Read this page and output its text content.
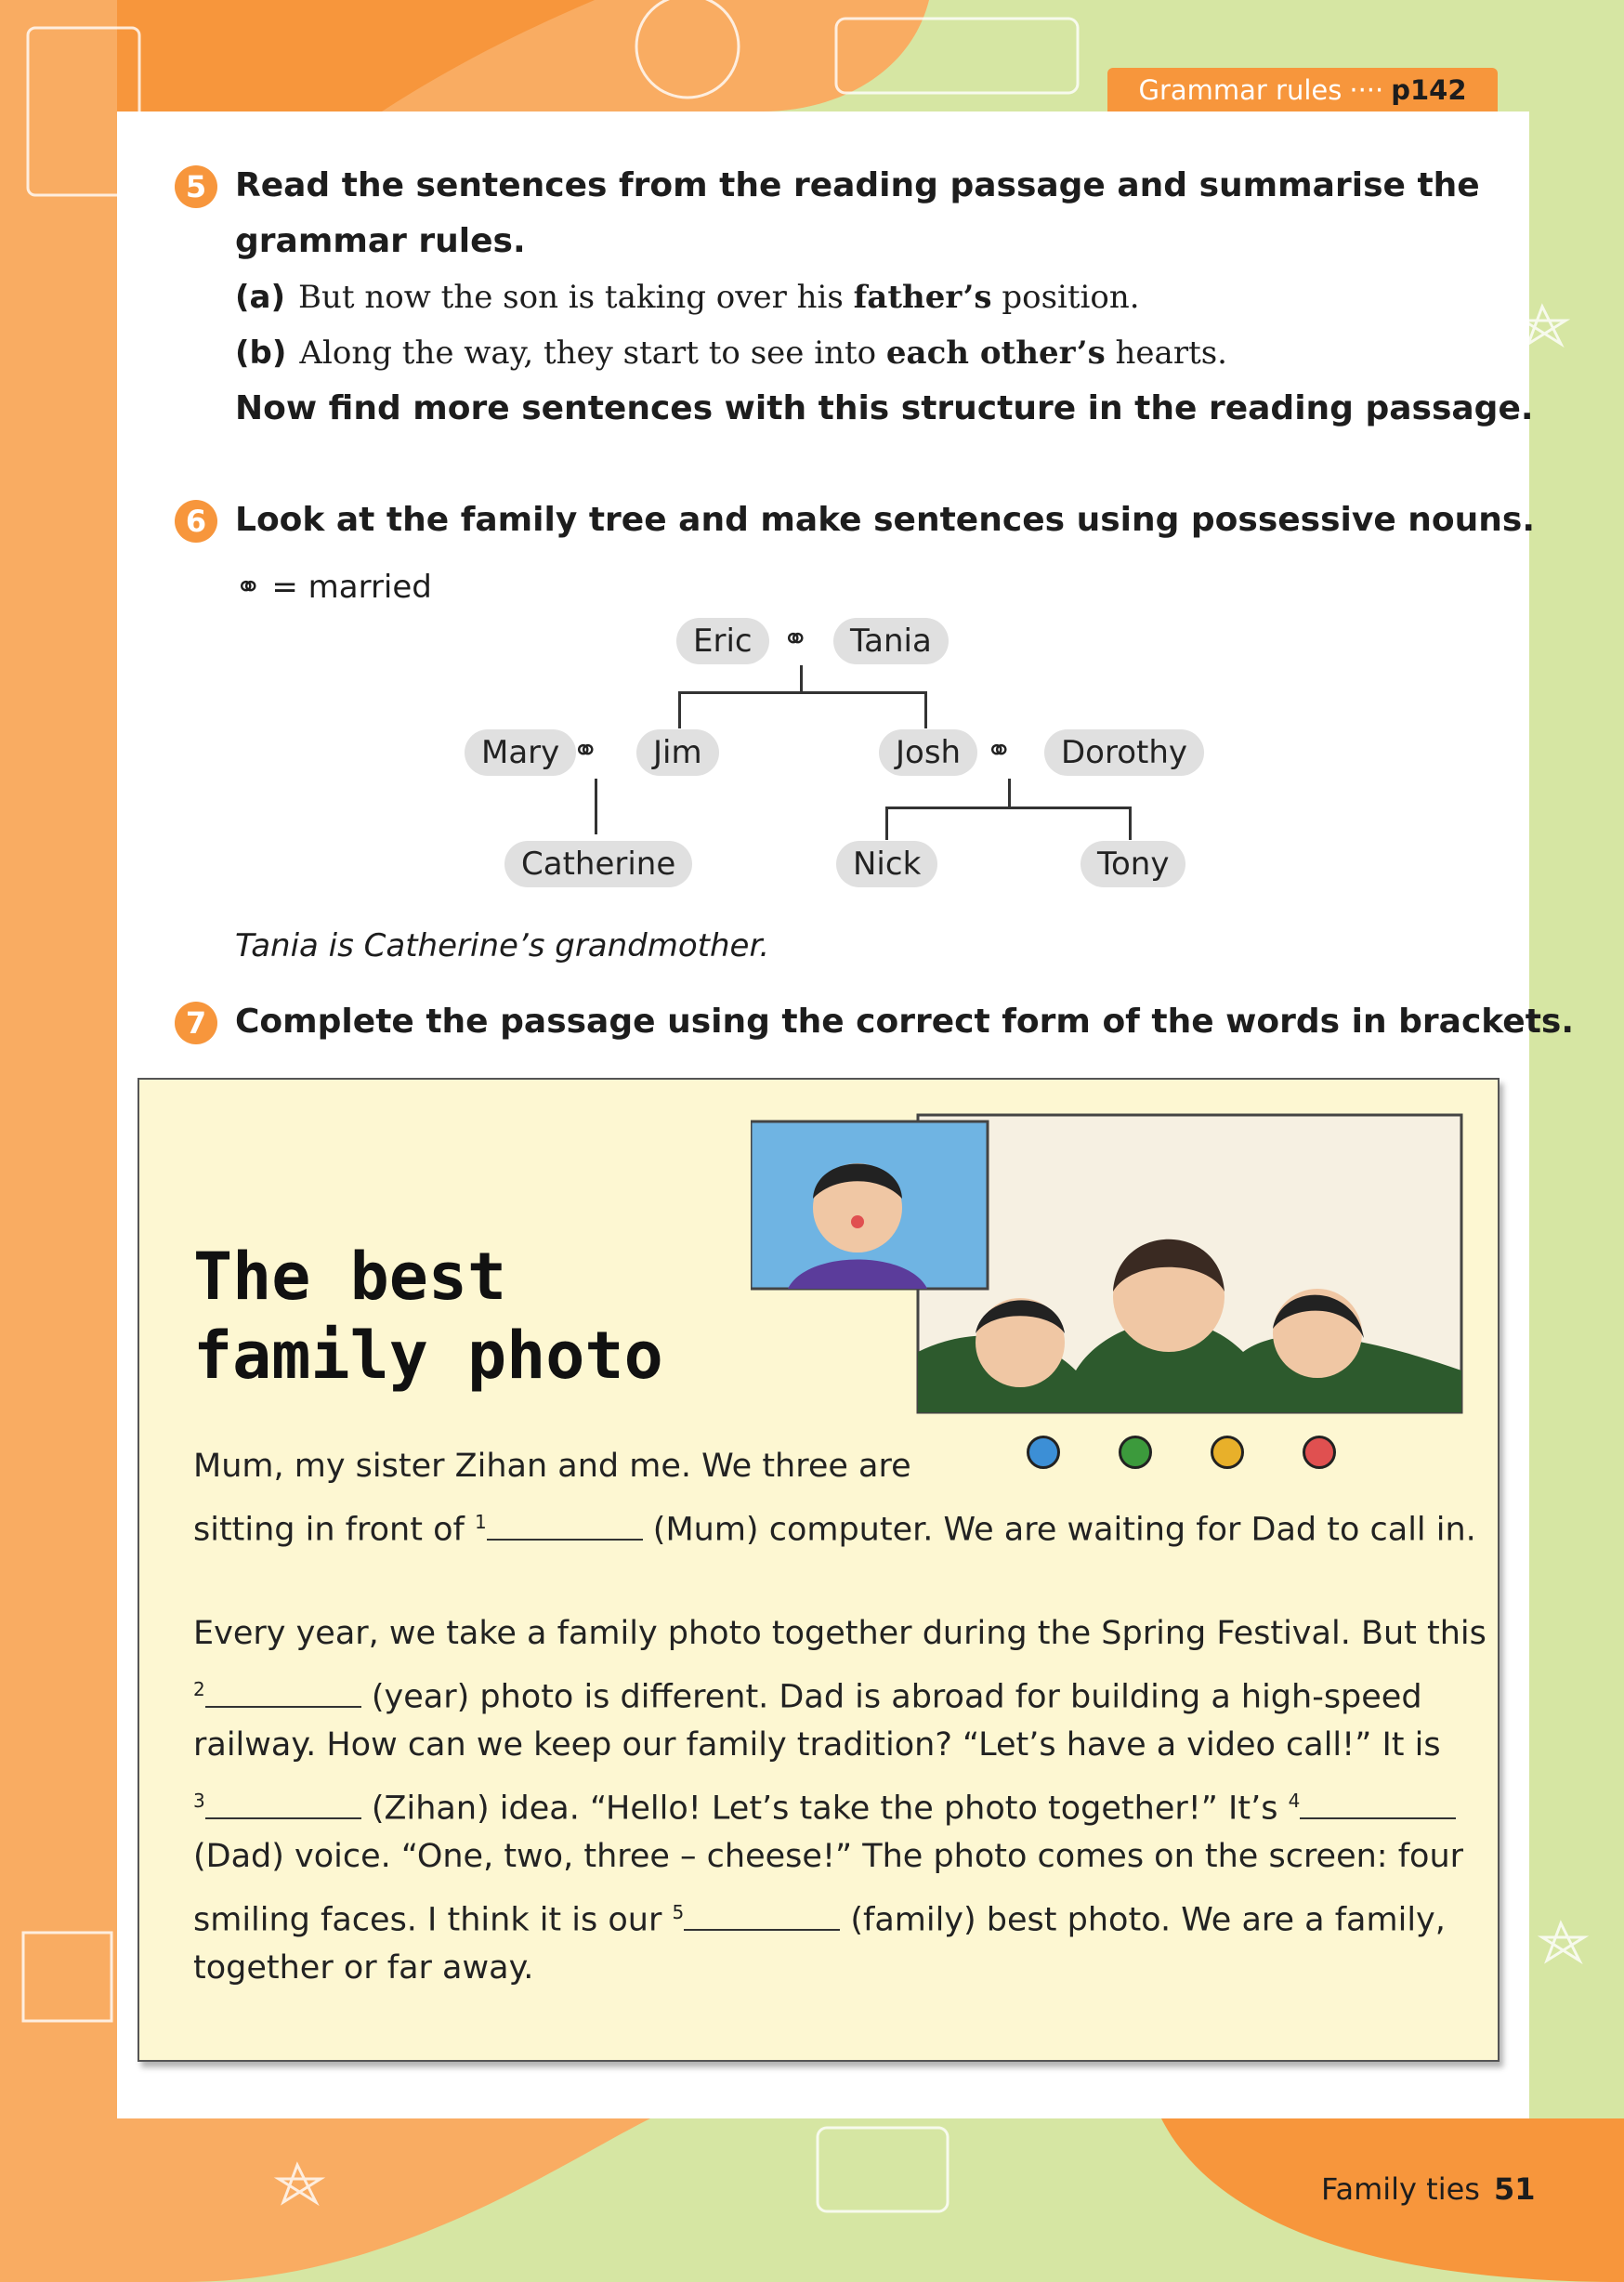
Grammar rules ···· p142
5 Read the sentences from the reading passage and summarise the
grammar rules.
(a) But now the son is taking over his father’s position.
(b) Along the way, they start to see into each other’s hearts.
Now find more sentences with this structure in the reading passage.
6 Look at the family tree and make sentences using possessive nouns.
⚭ = married
Eric ⚭	Tania
Mary ⚭	Jim	Josh ⚭	Dorothy
Catherine	Nick	Tony
Tania is Catherine’s grandmother.
7 Complete the passage using the correct form of the words in brackets.
The best
family photo
Mum, my sister Zihan and me. We three are
sitting in front of $^1$	(Mum) computer. We are waiting for Dad to call in.
Every year, we take a family photo together during the Spring Festival. But this
$^2$	(year) photo is different. Dad is abroad for building a high-speed
railway. How can we keep our family tradition? “Let’s have a video call!” It is
$^3$	(Zihan) idea. “Hello! Let’s take the photo together!” It’s $^4$
(Dad) voice. “One, two, three – cheese!” The photo comes on the screen: four
smiling faces. I think it is our $^5$	(family) best photo. We are a family,
together or far away.
Family ties 51
